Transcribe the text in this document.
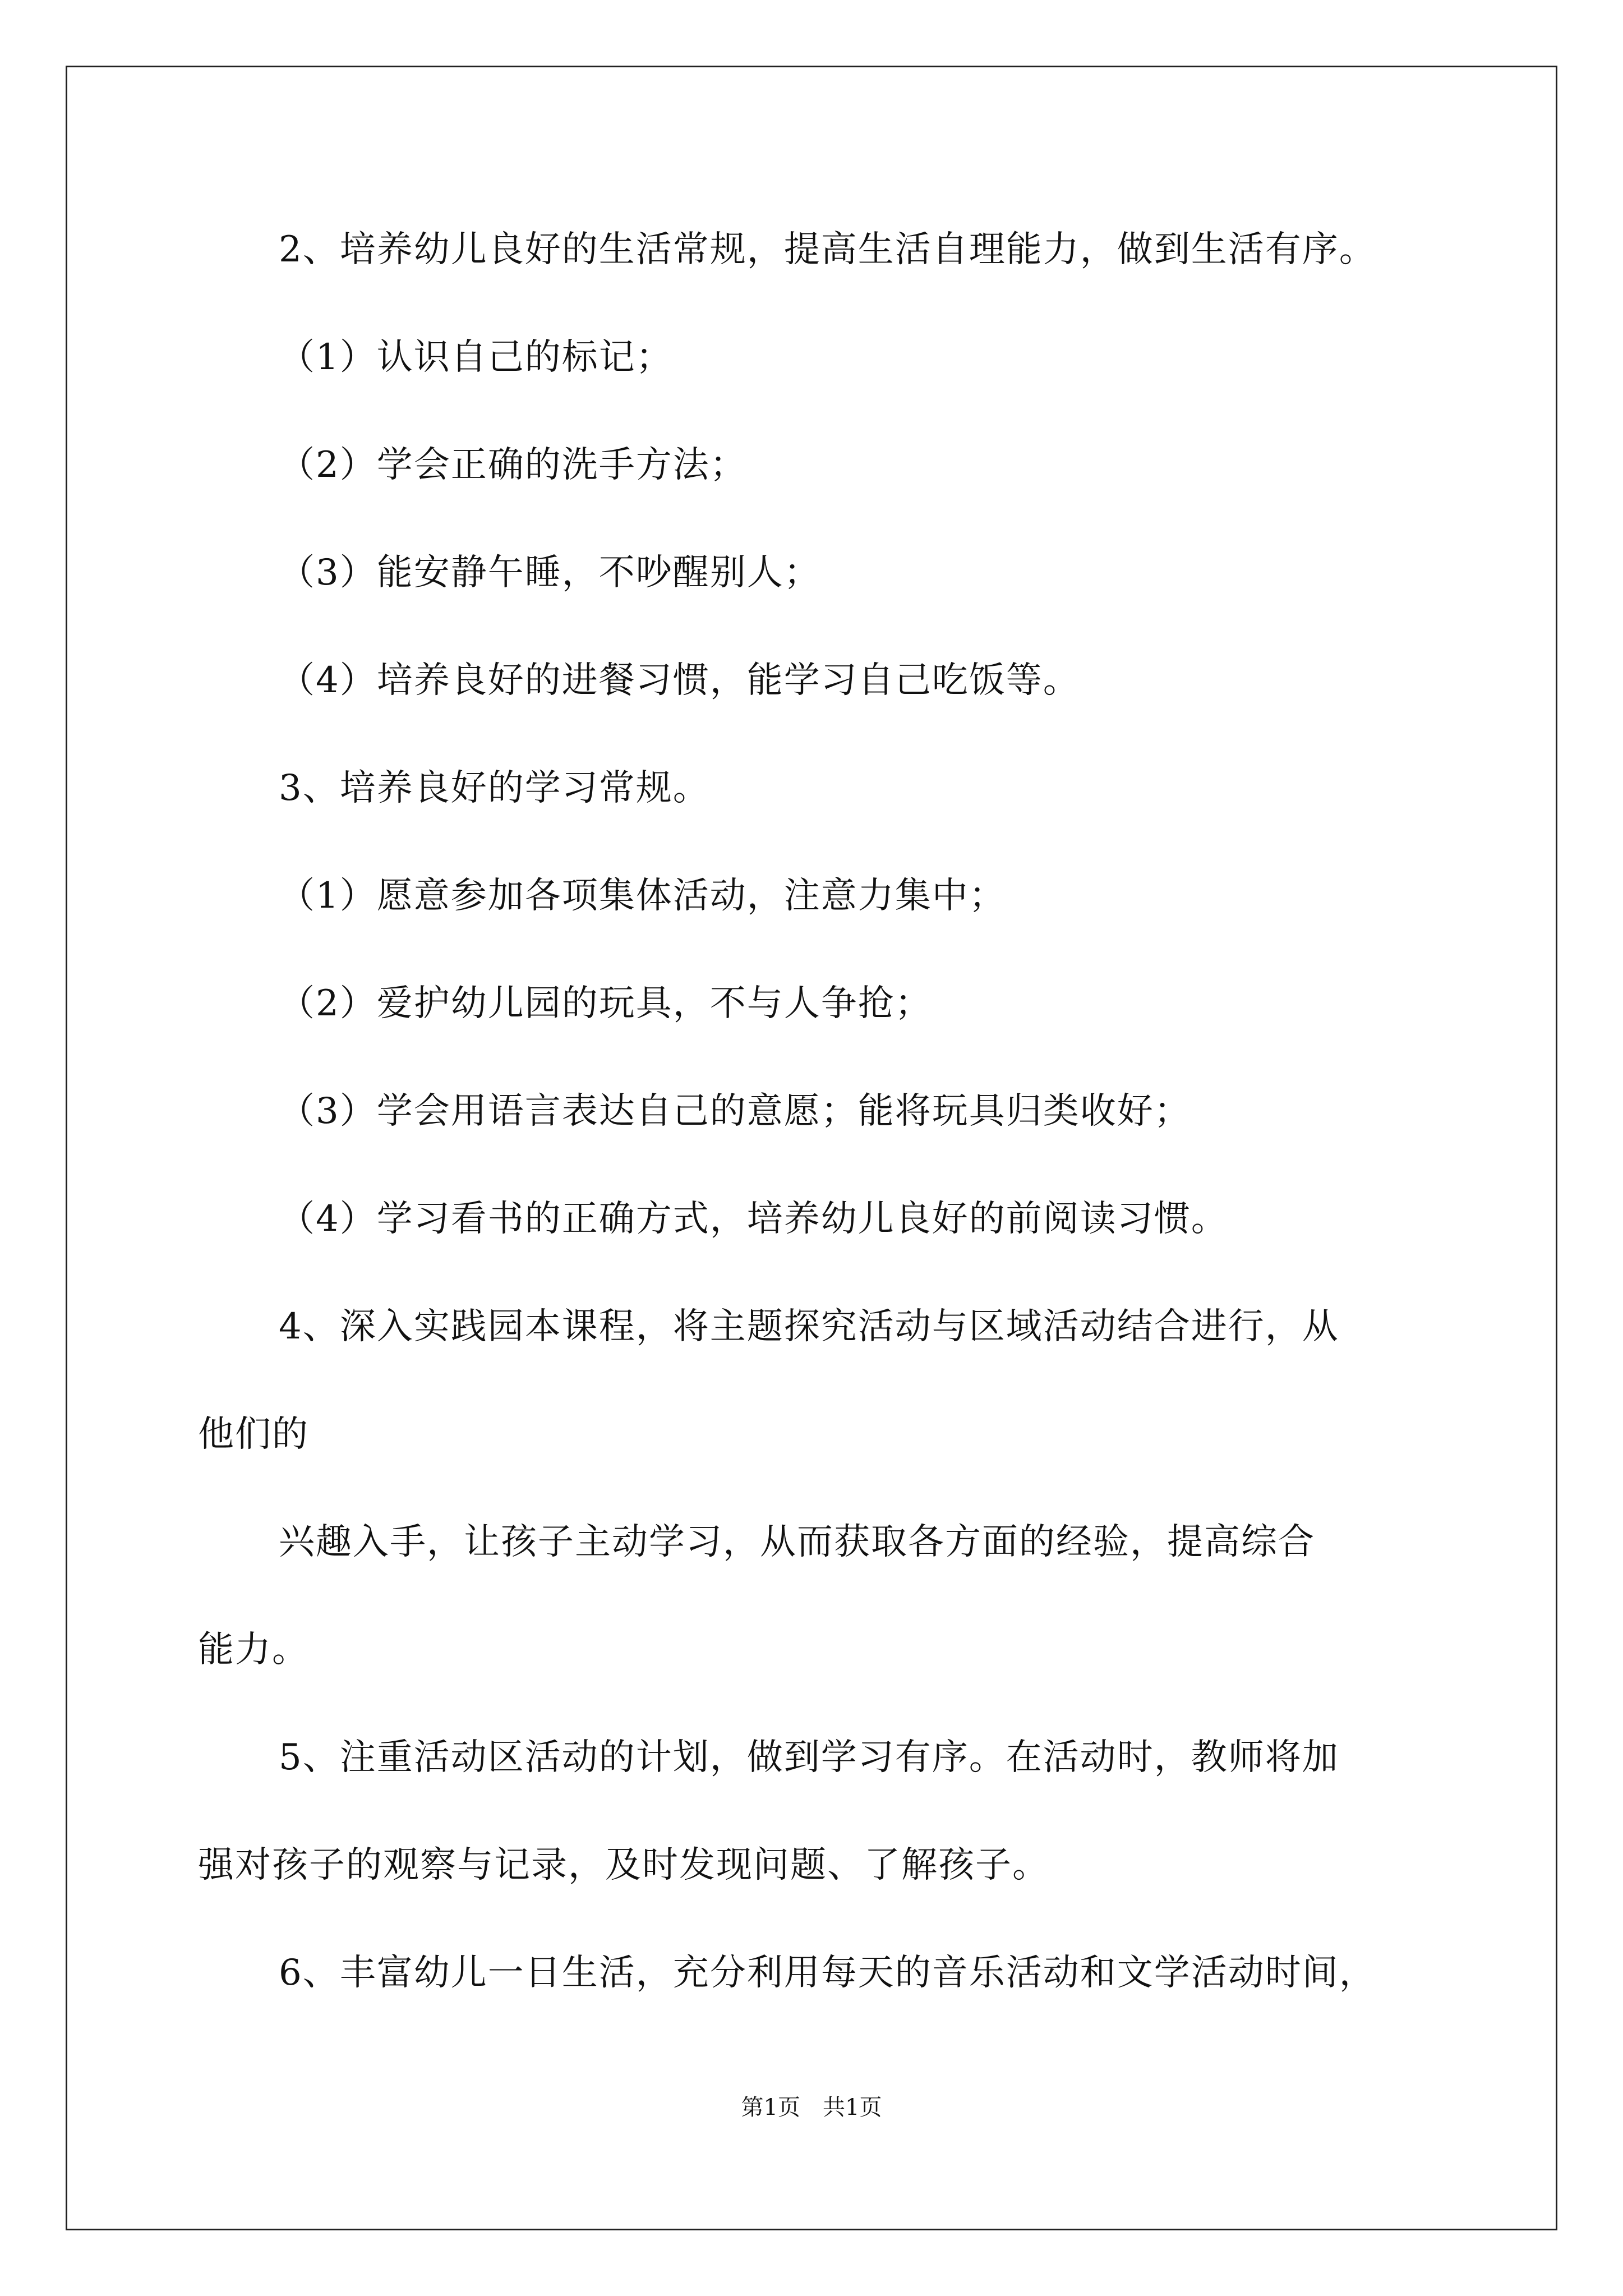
2、培养幼儿良好的生活常规，提高生活自理能力，做到生活有序。
（1）认识自己的标记；
（2）学会正确的洗手方法；
（3）能安静午睡，不吵醒别人；
（4）培养良好的进餐习惯，能学习自己吃饭等。
3、培养良好的学习常规。
（1）愿意参加各项集体活动，注意力集中；
（2）爱护幼儿园的玩具，不与人争抢；
（3）学会用语言表达自己的意愿；能将玩具归类收好；
（4）学习看书的正确方式，培养幼儿良好的前阅读习惯。
4、深入实践园本课程，将主题探究活动与区域活动结合进行，从
他们的
兴趣入手，让孩子主动学习，从而获取各方面的经验，提高综合
能力。
5、注重活动区活动的计划，做到学习有序。在活动时，教师将加
强对孩子的观察与记录，及时发现问题、了解孩子。
6、丰富幼儿一日生活，充分利用每天的音乐活动和文学活动时间，
第1页　共1页
